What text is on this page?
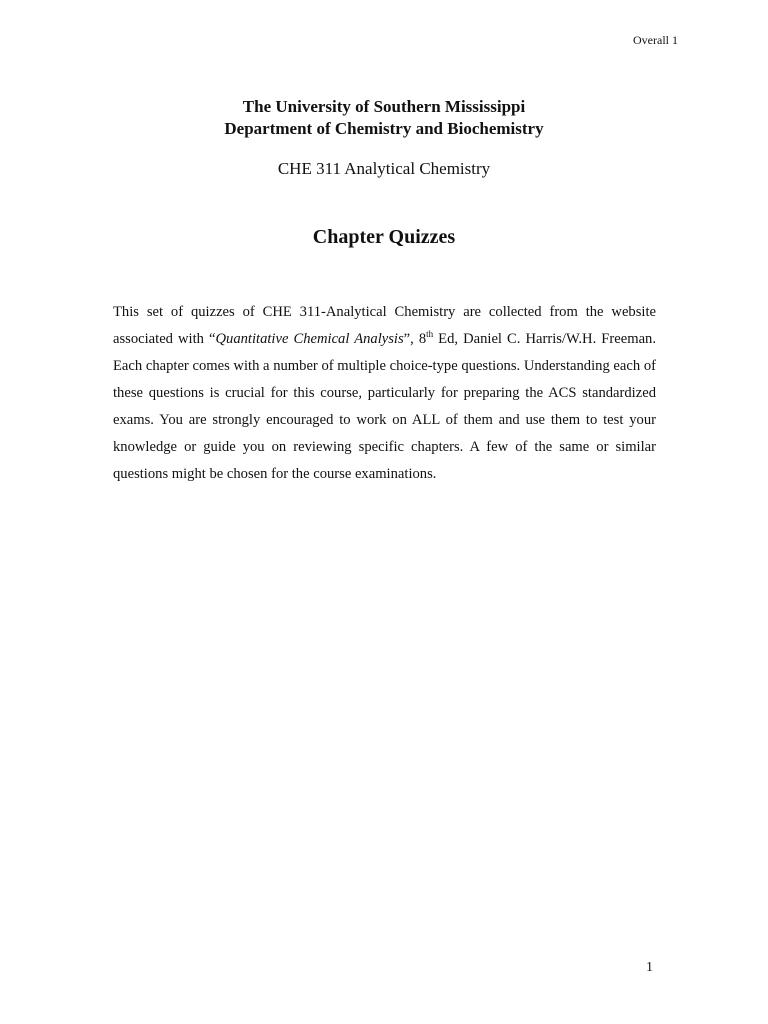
Overall 1

The University of Southern Mississippi

Department of Chemistry and Biochemistry

CHE 311 Analytical Chemistry

Chapter Quizzes

This set of quizzes of CHE 311-Analytical Chemistry are collected from the website associated with “Quantitative Chemical Analysis”, 8th Ed, Daniel C. Harris/W.H. Freeman. Each chapter comes with a number of multiple choice-type questions. Understanding each of these questions is crucial for this course, particularly for preparing the ACS standardized exams. You are strongly encouraged to work on ALL of them and use them to test your knowledge or guide you on reviewing specific chapters. A few of the same or similar questions might be chosen for the course examinations.

1
